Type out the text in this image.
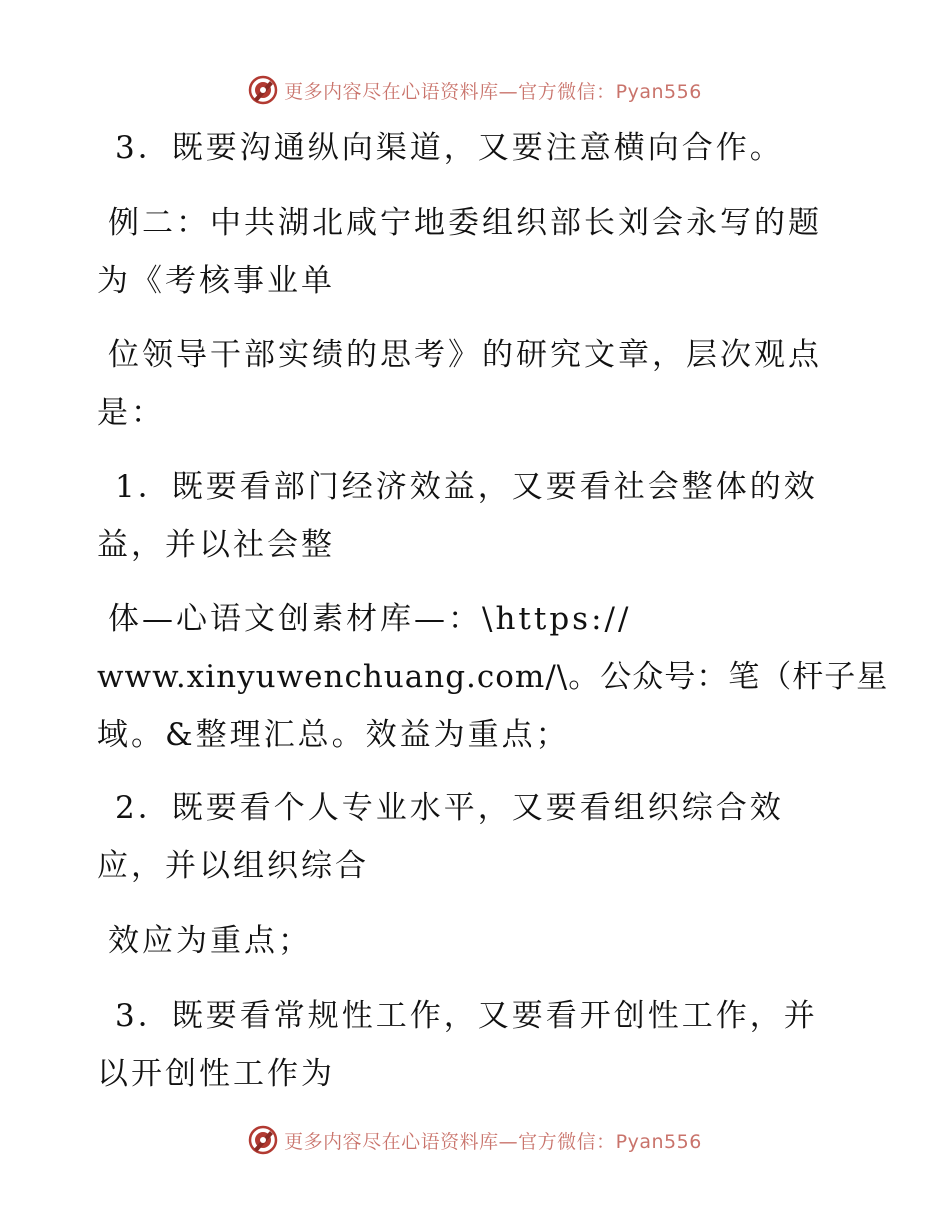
更多内容尽在心语资料库—官方微信：Pyan556
3．既要沟通纵向渠道，又要注意横向合作。
例二：中共湖北咸宁地委组织部长刘会永写的题
为《考核事业单
位领导干部实绩的思考》的研究文章，层次观点
是：
1．既要看部门经济效益，又要看社会整体的效
益，并以社会整
体—心语文创素材库—：\https://
www.xinyuwenchuang.com/\。公众号：笔（杆子星
域。&整理汇总。效益为重点；
2．既要看个人专业水平，又要看组织综合效
应，并以组织综合
效应为重点；
3．既要看常规性工作，又要看开创性工作，并
以开创性工作为
更多内容尽在心语资料库—官方微信：Pyan556
